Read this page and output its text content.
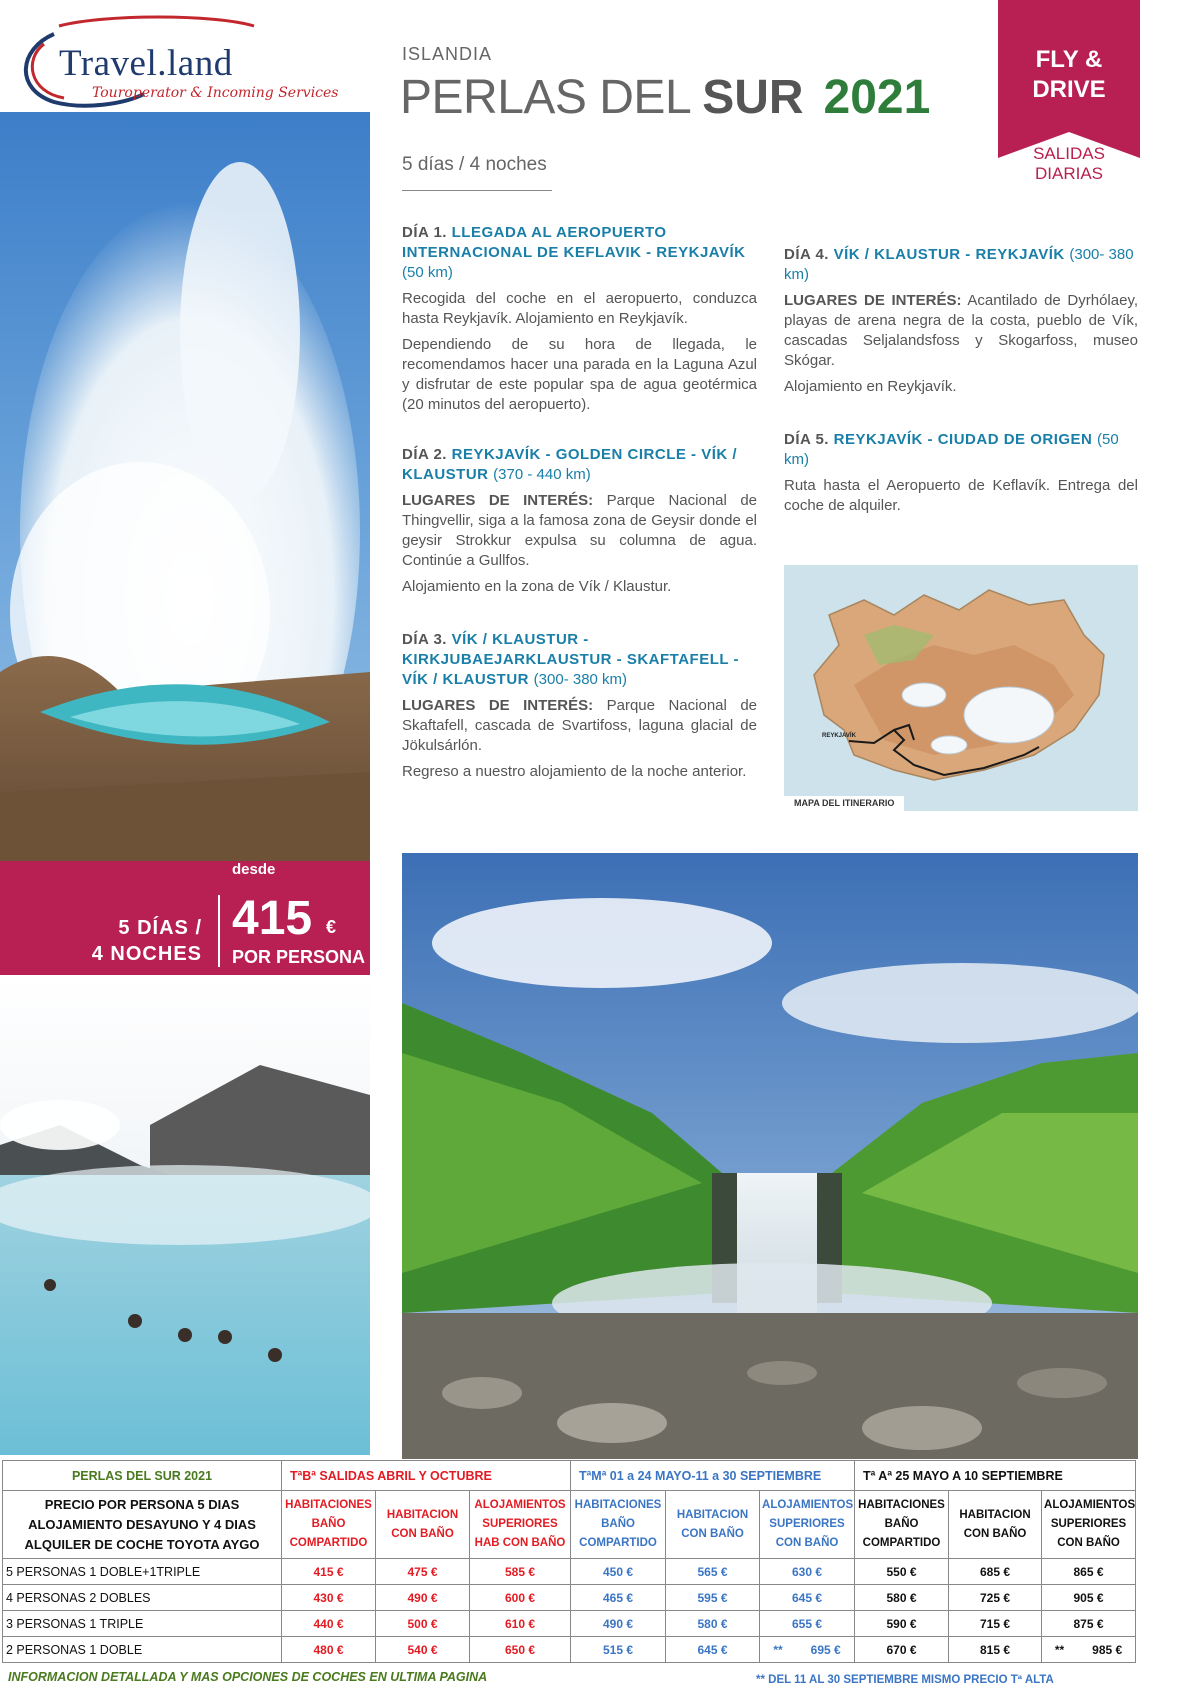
Travel.land
Touroperator & Incoming Services
ISLANDIA
PERLAS DEL SUR 2021
5 días / 4 noches
FLY &
DRIVE
SALIDAS
DIARIAS
5 DÍAS /
4 NOCHES
desde
415 €
POR PERSONA
DÍA 1. LLEGADA AL AEROPUERTO INTERNACIONAL DE KEFLAVIK - REYKJAVÍK (50 km)

Recogida del coche en el aeropuerto, conduzca hasta Reykjavík. Alojamiento en Reykjavík.

Dependiendo de su hora de llegada, le recomendamos hacer una parada en la Laguna Azul y disfrutar de este popular spa de agua geotérmica (20 minutos del aeropuerto).

DÍA 2. REYKJAVÍK - GOLDEN CIRCLE - VÍK / KLAUSTUR (370 - 440 km)

LUGARES DE INTERÉS: Parque Nacional de Thingvellir, siga a la famosa zona de Geysir donde el geysir Strokkur expulsa su columna de agua. Continúe a Gullfos.

Alojamiento en la zona de Vík / Klaustur.

DÍA 3. VÍK / KLAUSTUR - KIRKJUBAEJARKLAUSTUR - SKAFTAFELL - VÍK / KLAUSTUR (300- 380 km)

LUGARES DE INTERÉS: Parque Nacional de Skaftafell, cascada de Svartifoss, laguna glacial de Jökulsárlón.

Regreso a nuestro alojamiento de la noche anterior.

DÍA 4. VÍK / KLAUSTUR - REYKJAVÍK (300- 380 km)

LUGARES DE INTERÉS: Acantilado de Dyrhólaey, playas de arena negra de la costa, pueblo de Vík, cascadas Seljalandsfoss y Skogarfoss, museo Skógar.

Alojamiento en Reykjavík.

DÍA 5. REYKJAVÍK - CIUDAD DE ORIGEN (50 km)

Ruta hasta el Aeropuerto de Keflavík. Entrega del coche de alquiler.

REYKJAVÍK
MAPA DEL ITINERARIO
PERLAS DEL SUR 2021	TªBª SALIDAS ABRIL Y OCTUBRE			TªMª 01 a 24 MAYO-11 a 30 SEPTIEMBRE			Tª Aª 25 MAYO A 10 SEPTIEMBRE		

PRECIO POR PERSONA 5 DIAS
ALOJAMIENTO DESAYUNO Y 4 DIAS
ALQUILER DE COCHE TOYOTA AYGO	HABITACIONES BAÑO COMPARTIDO	HABITACION CON BAÑO	ALOJAMIENTOS SUPERIORES HAB CON BAÑO	HABITACIONES BAÑO COMPARTIDO	HABITACION CON BAÑO	ALOJAMIENTOS SUPERIORES CON BAÑO	HABITACIONES BAÑO COMPARTIDO	HABITACION CON BAÑO	ALOJAMIENTOS SUPERIORES CON BAÑO
5 PERSONAS 1 DOBLE+1TRIPLE	415 €	475 €	585 €	450 €	565 €	630 €	550 €	685 €	865 €
4 PERSONAS 2 DOBLES	430 €	490 €	600 €	465 €	595 €	645 €	580 €	725 €	905 €
3 PERSONAS 1 TRIPLE	440 €	500 €	610 €	490 €	580 €	655 €	590 €	715 €	875 €
2 PERSONAS 1 DOBLE	480 €	540 €	650 €	515 €	645 €	** 695 €	670 €	815 €	** 985 €
INFORMACION DETALLADA Y MAS OPCIONES DE COCHES EN ULTIMA PAGINA	** DEL 11 AL 30 SEPTIEMBRE MISMO PRECIO Tª ALTA
